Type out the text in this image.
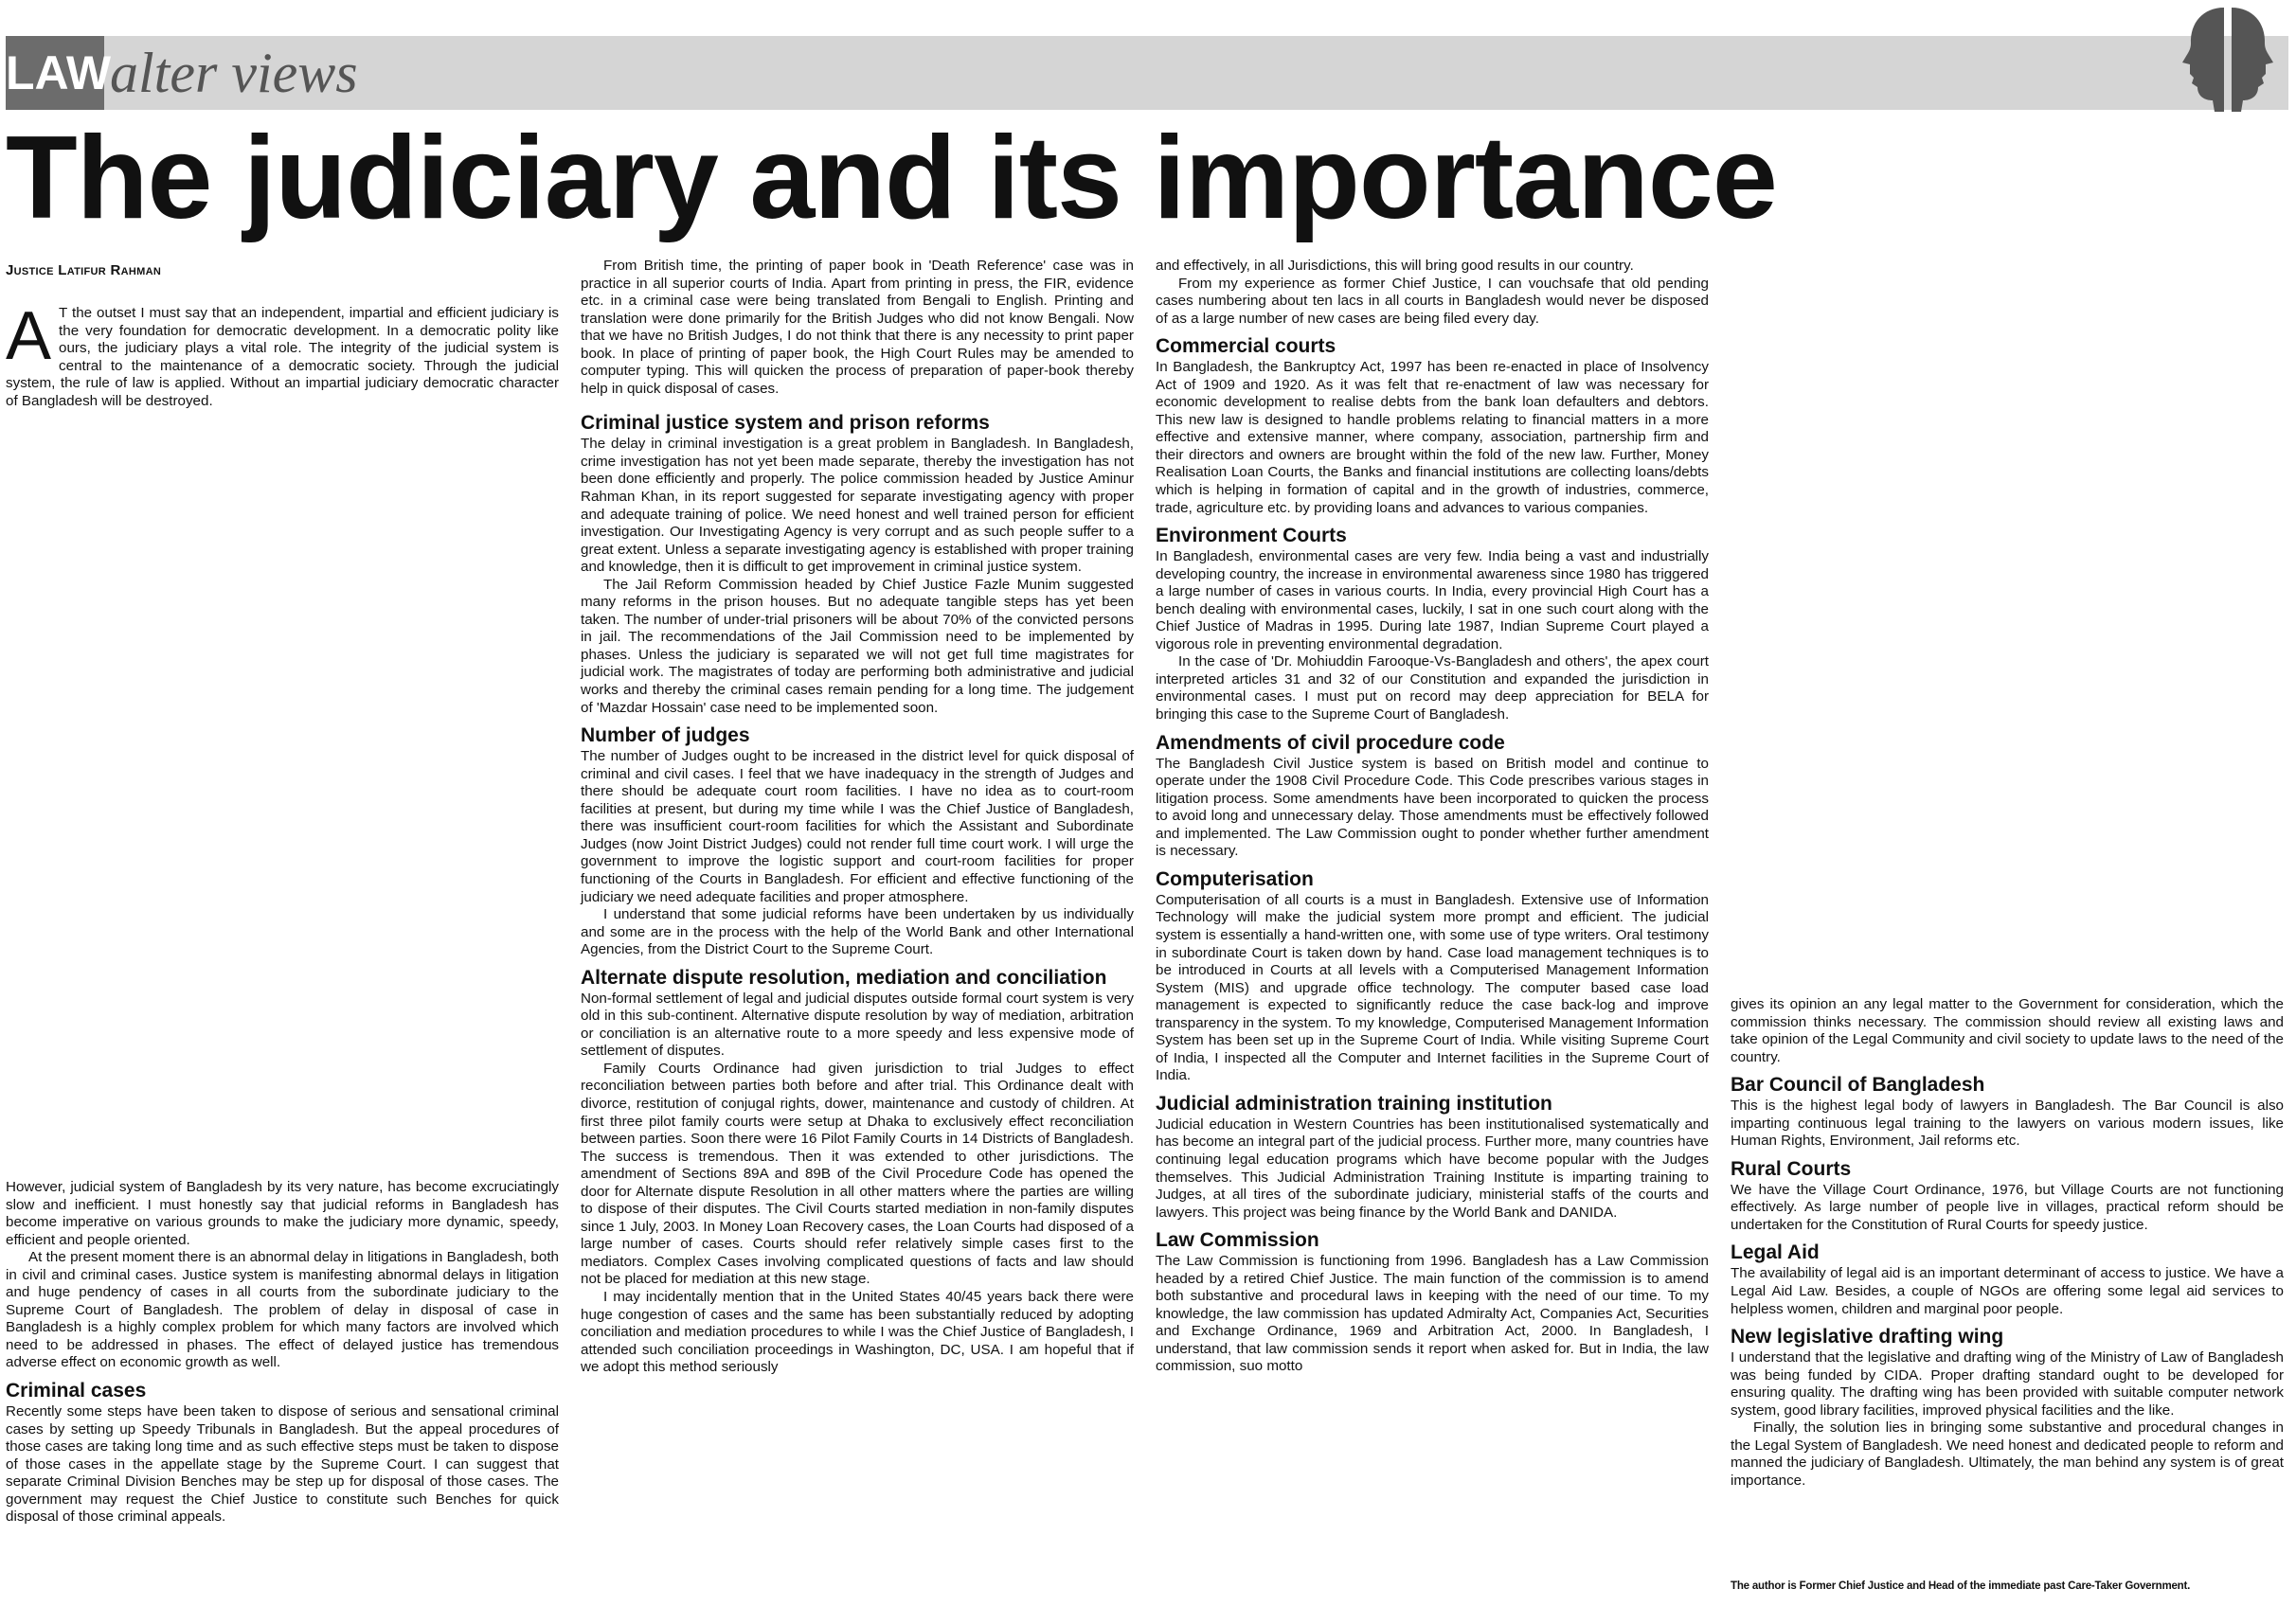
LAW
alter views
The judiciary and its importance
Justice Latifur Rahman

A T the outset I must say that an independent, impartial and efficient judiciary is the very foundation for democratic development. In a democratic polity like ours, the judiciary plays a vital role. The integrity of the judicial system is central to the maintenance of a democratic society. Through the judicial system, the rule of law is applied. Without an impartial judiciary democratic character of Bangladesh will be destroyed.

However, judicial system of Bangladesh by its very nature, has become excruciatingly slow and inefficient. I must honestly say that judicial reforms in Bangladesh has become imperative on various grounds to make the judiciary more dynamic, speedy, efficient and people oriented.

At the present moment there is an abnormal delay in litigations in Bangladesh, both in civil and criminal cases. Justice system is manifesting abnormal delays in litigation and huge pendency of cases in all courts from the subordinate judiciary to the Supreme Court of Bangladesh. The problem of delay in disposal of case in Bangladesh is a highly complex problem for which many factors are involved which need to be addressed in phases. The effect of delayed justice has tremendous adverse effect on economic growth as well.

Criminal cases

Recently some steps have been taken to dispose of serious and sensational criminal cases by setting up Speedy Tribunals in Bangladesh. But the appeal procedures of those cases are taking long time and as such effective steps must be taken to dispose of those cases in the appellate stage by the Supreme Court. I can suggest that separate Criminal Division Benches may be step up for disposal of those cases. The government may request the Chief Justice to constitute such Benches for quick disposal of those criminal appeals.

From British time, the printing of paper book in 'Death Reference' case was in practice in all superior courts of India. Apart from printing in press, the FIR, evidence etc. in a criminal case were being translated from Bengali to English. Printing and translation were done primarily for the British Judges who did not know Bengali. Now that we have no British Judges, I do not think that there is any necessity to print paper book. In place of printing of paper book, the High Court Rules may be amended to computer typing. This will quicken the process of preparation of paper-book thereby help in quick disposal of cases.

Criminal justice system and prison reforms

The delay in criminal investigation is a great problem in Bangladesh. In Bangladesh, crime investigation has not yet been made separate, thereby the investigation has not been done efficiently and properly. The police commission headed by Justice Aminur Rahman Khan, in its report suggested for separate investigating agency with proper and adequate training of police. We need honest and well trained person for efficient investigation. Our Investigating Agency is very corrupt and as such people suffer to a great extent. Unless a separate investigating agency is established with proper training and knowledge, then it is difficult to get improvement in criminal justice system.

The Jail Reform Commission headed by Chief Justice Fazle Munim suggested many reforms in the prison houses. But no adequate tangible steps has yet been taken. The number of under-trial prisoners will be about 70% of the convicted persons in jail. The recommendations of the Jail Commission need to be implemented by phases. Unless the judiciary is separated we will not get full time magistrates for judicial work. The magistrates of today are performing both administrative and judicial works and thereby the criminal cases remain pending for a long time. The judgement of 'Mazdar Hossain' case need to be implemented soon.

Number of judges

The number of Judges ought to be increased in the district level for quick disposal of criminal and civil cases. I feel that we have inadequacy in the strength of Judges and there should be adequate court room facilities. I have no idea as to court-room facilities at present, but during my time while I was the Chief Justice of Bangladesh, there was insufficient court-room facilities for which the Assistant and Subordinate Judges (now Joint District Judges) could not render full time court work. I will urge the government to improve the logistic support and court-room facilities for proper functioning of the Courts in Bangladesh. For efficient and effective functioning of the judiciary we need adequate facilities and proper atmosphere.

I understand that some judicial reforms have been undertaken by us individually and some are in the process with the help of the World Bank and other International Agencies, from the District Court to the Supreme Court.

Alternate dispute resolution, mediation and conciliation

Non-formal settlement of legal and judicial disputes outside formal court system is very old in this sub-continent. Alternative dispute resolution by way of mediation, arbitration or conciliation is an alternative route to a more speedy and less expensive mode of settlement of disputes.

Family Courts Ordinance had given jurisdiction to trial Judges to effect reconciliation between parties both before and after trial. This Ordinance dealt with divorce, restitution of conjugal rights, dower, maintenance and custody of children. At first three pilot family courts were setup at Dhaka to exclusively effect reconciliation between parties. Soon there were 16 Pilot Family Courts in 14 Districts of Bangladesh. The success is tremendous. Then it was extended to other jurisdictions. The amendment of Sections 89A and 89B of the Civil Procedure Code has opened the door for Alternate dispute Resolution in all other matters where the parties are willing to dispose of their disputes. The Civil Courts started mediation in non-family disputes since 1 July, 2003. In Money Loan Recovery cases, the Loan Courts had disposed of a large number of cases. Courts should refer relatively simple cases first to the mediators. Complex Cases involving complicated questions of facts and law should not be placed for mediation at this new stage.

I may incidentally mention that in the United States 40/45 years back there were huge congestion of cases and the same has been substantially reduced by adopting conciliation and mediation procedures to while I was the Chief Justice of Bangladesh, I attended such conciliation proceedings in Washington, DC, USA. I am hopeful that if we adopt this method seriously

and effectively, in all Jurisdictions, this will bring good results in our country.

From my experience as former Chief Justice, I can vouchsafe that old pending cases numbering about ten lacs in all courts in Bangladesh would never be disposed of as a large number of new cases are being filed every day.

Commercial courts

In Bangladesh, the Bankruptcy Act, 1997 has been re-enacted in place of Insolvency Act of 1909 and 1920. As it was felt that re-enactment of law was necessary for economic development to realise debts from the bank loan defaulters and debtors. This new law is designed to handle problems relating to financial matters in a more effective and extensive manner, where company, association, partnership firm and their directors and owners are brought within the fold of the new law. Further, Money Realisation Loan Courts, the Banks and financial institutions are collecting loans/debts which is helping in formation of capital and in the growth of industries, commerce, trade, agriculture etc. by providing loans and advances to various companies.

Environment Courts

In Bangladesh, environmental cases are very few. India being a vast and industrially developing country, the increase in environmental awareness since 1980 has triggered a large number of cases in various courts. In India, every provincial High Court has a bench dealing with environmental cases, luckily, I sat in one such court along with the Chief Justice of Madras in 1995. During late 1987, Indian Supreme Court played a vigorous role in preventing environmental degradation.

In the case of 'Dr. Mohiuddin Farooque-Vs-Bangladesh and others', the apex court interpreted articles 31 and 32 of our Constitution and expanded the jurisdiction in environmental cases. I must put on record may deep appreciation for BELA for bringing this case to the Supreme Court of Bangladesh.

Amendments of civil procedure code

The Bangladesh Civil Justice system is based on British model and continue to operate under the 1908 Civil Procedure Code. This Code prescribes various stages in litigation process. Some amendments have been incorporated to quicken the process to avoid long and unnecessary delay. Those amendments must be effectively followed and implemented. The Law Commission ought to ponder whether further amendment is necessary.

Computerisation

Computerisation of all courts is a must in Bangladesh. Extensive use of Information Technology will make the judicial system more prompt and efficient. The judicial system is essentially a hand-written one, with some use of type writers. Oral testimony in subordinate Court is taken down by hand. Case load management techniques is to be introduced in Courts at all levels with a Computerised Management Information System (MIS) and upgrade office technology. The computer based case load management is expected to significantly reduce the case back-log and improve transparency in the system. To my knowledge, Computerised Management Information System has been set up in the Supreme Court of India. While visiting Supreme Court of India, I inspected all the Computer and Internet facilities in the Supreme Court of India.

Judicial administration training institution

Judicial education in Western Countries has been institutionalised systematically and has become an integral part of the judicial process. Further more, many countries have continuing legal education programs which have become popular with the Judges themselves. This Judicial Administration Training Institute is imparting training to Judges, at all tires of the subordinate judiciary, ministerial staffs of the courts and lawyers. This project was being finance by the World Bank and DANIDA.

Law Commission

The Law Commission is functioning from 1996. Bangladesh has a Law Commission headed by a retired Chief Justice. The main function of the commission is to amend both substantive and procedural laws in keeping with the need of our time. To my knowledge, the law commission has updated Admiralty Act, Companies Act, Securities and Exchange Ordinance, 1969 and Arbitration Act, 2000. In Bangladesh, I understand, that law commission sends it report when asked for. But in India, the law commission, suo motto

gives its opinion an any legal matter to the Government for consideration, which the commission thinks necessary. The commission should review all existing laws and take opinion of the Legal Community and civil society to update laws to the need of the country.

Bar Council of Bangladesh

This is the highest legal body of lawyers in Bangladesh. The Bar Council is also imparting continuous legal training to the lawyers on various modern issues, like Human Rights, Environment, Jail reforms etc.

Rural Courts

We have the Village Court Ordinance, 1976, but Village Courts are not functioning effectively. As large number of people live in villages, practical reform should be undertaken for the Constitution of Rural Courts for speedy justice.

Legal Aid

The availability of legal aid is an important determinant of access to justice. We have a Legal Aid Law. Besides, a couple of NGOs are offering some legal aid services to helpless women, children and marginal poor people.

New legislative drafting wing

I understand that the legislative and drafting wing of the Ministry of Law of Bangladesh was being funded by CIDA. Proper drafting standard ought to be developed for ensuring quality. The drafting wing has been provided with suitable computer network system, good library facilities, improved physical facilities and the like.

Finally, the solution lies in bringing some substantive and procedural changes in the Legal System of Bangladesh. We need honest and dedicated people to reform and manned the judiciary of Bangladesh. Ultimately, the man behind any system is of great importance.

The author is Former Chief Justice and Head of the immediate past Care-Taker Government.
